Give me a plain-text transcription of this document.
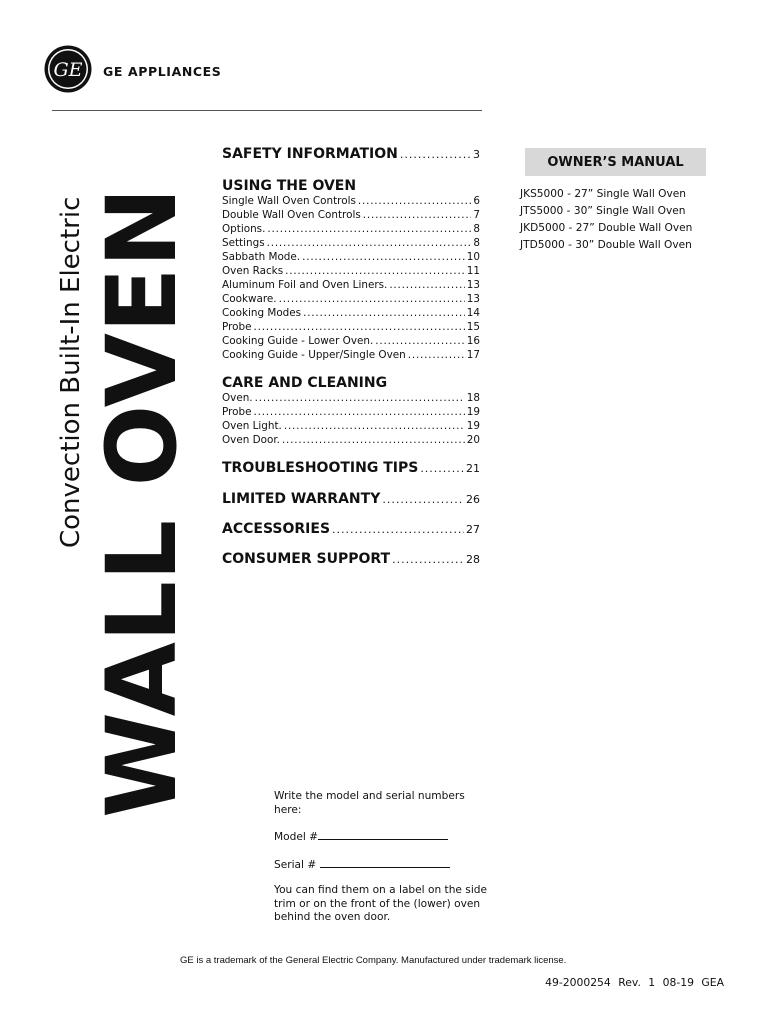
GE GE APPLIANCES
Convection Built-In Electric WALL OVEN
SAFETY INFORMATION .....	3
USING THE OVEN
Single Wall Oven Controls .....	6
Double Wall Oven Controls .....	7
Options. .....	8
Settings .....	8
Sabbath Mode. .....	10
Oven Racks .....	11
Aluminum Foil and Oven Liners. .....	13
Cookware. .....	13
Cooking Modes .....	14
Probe .....	15
Cooking Guide - Lower Oven. .....	16
Cooking Guide - Upper/Single Oven .....	17
CARE AND CLEANING
Oven. .....	18
Probe .....	19
Oven Light. .....	19
Oven Door. .....	20
TROUBLESHOOTING TIPS .....	21
LIMITED WARRANTY .....	26
ACCESSORIES .....	27
CONSUMER SUPPORT .....	28
OWNER’S MANUAL
JKS5000 - 27” Single Wall Oven
JTS5000 - 30” Single Wall Oven
JKD5000 - 27” Double Wall Oven
JTD5000 - 30” Double Wall Oven

Write the model and serial numbers here:

Model #

Serial #

You can find them on a label on the side trim or on the front of the (lower) oven behind the oven door.

GE is a trademark of the General Electric Company. Manufactured under trademark license.
49-2000254 Rev. 1 08-19 GEA
